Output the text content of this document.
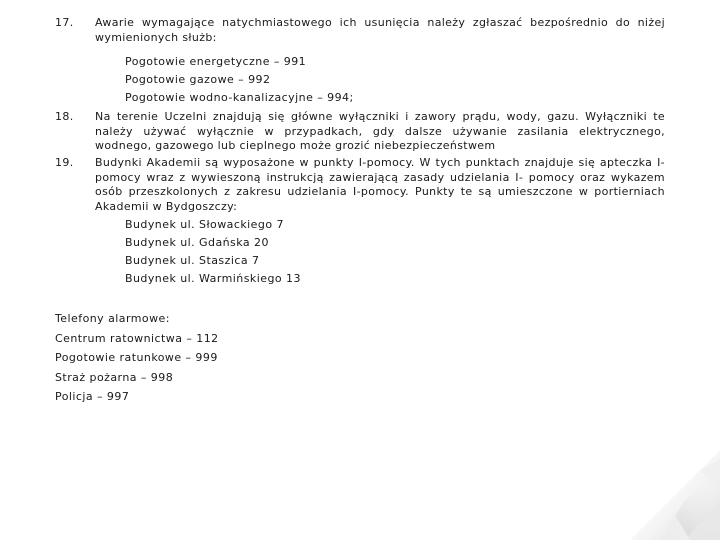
17.	Awarie wymagające natychmiastowego ich usunięcia należy zgłaszać bezpośrednio do niżej wymienionych służb:
Pogotowie energetyczne – 991
Pogotowie gazowe – 992
Pogotowie wodno-kanalizacyjne – 994;
18.	Na terenie Uczelni znajdują się główne wyłączniki i zawory prądu, wody, gazu. Wyłączniki te należy używać wyłącznie w przypadkach, gdy dalsze używanie zasilania elektrycznego, wodnego, gazowego lub cieplnego może grozić niebezpieczeństwem
19.	Budynki Akademii są wyposażone w punkty I-pomocy. W tych punktach znajduje się apteczka I-pomocy wraz z wywieszoną instrukcją zawierającą zasady udzielania I- pomocy oraz wykazem osób przeszkolonych z zakresu udzielania I-pomocy. Punkty te są umieszczone w portierniach Akademii w Bydgoszczy:
Budynek ul. Słowackiego 7
Budynek ul. Gdańska 20
Budynek ul. Staszica 7
Budynek ul. Warmińskiego 13
Telefony alarmowe:
Centrum ratownictwa – 112
Pogotowie ratunkowe – 999
Straż pożarna – 998
Policja – 997
